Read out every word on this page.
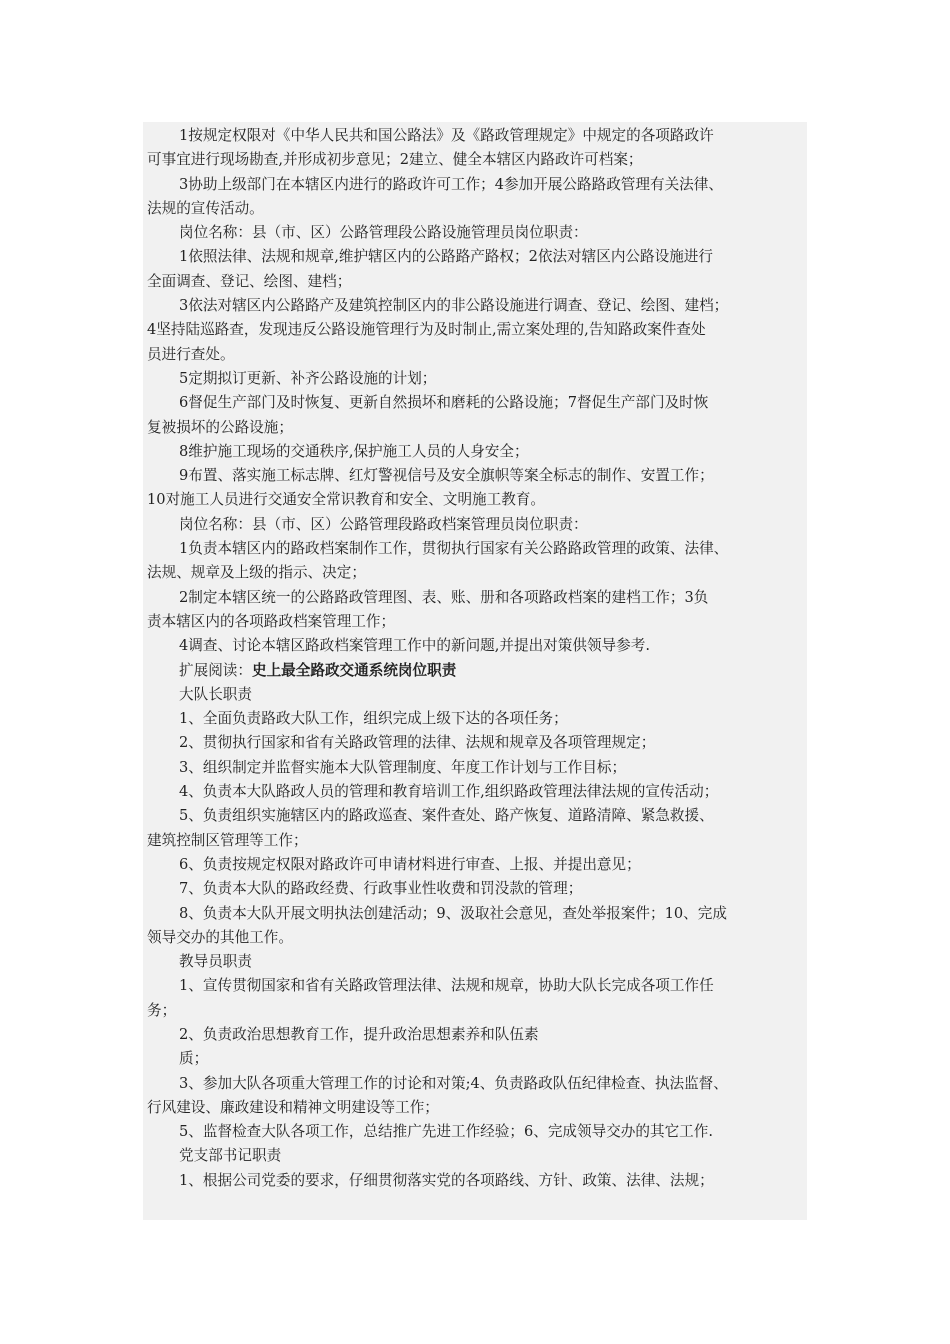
1按规定权限对《中华人民共和国公路法》及《路政管理规定》中规定的各项路政许
可事宜进行现场勘查,并形成初步意见；2建立、健全本辖区内路政许可档案；
3协助上级部门在本辖区内进行的路政许可工作；4参加开展公路路政管理有关法律、
法规的宣传活动。
岗位名称：县（市、区）公路管理段公路设施管理员岗位职责：
1依照法律、法规和规章,维护辖区内的公路路产路权；2依法对辖区内公路设施进行
全面调查、登记、绘图、建档；
3依法对辖区内公路路产及建筑控制区内的非公路设施进行调查、登记、绘图、建档；
4坚持陆巡路查，发现违反公路设施管理行为及时制止,需立案处理的,告知路政案件查处
员进行查处。
5定期拟订更新、补齐公路设施的计划；
6督促生产部门及时恢复、更新自然损坏和磨耗的公路设施；7督促生产部门及时恢
复被损坏的公路设施；
8维护施工现场的交通秩序,保护施工人员的人身安全；
9布置、落实施工标志牌、红灯警视信号及安全旗帜等案全标志的制作、安置工作；
10对施工人员进行交通安全常识教育和安全、文明施工教育。
岗位名称：县（市、区）公路管理段路政档案管理员岗位职责：
1负责本辖区内的路政档案制作工作，贯彻执行国家有关公路路政管理的政策、法律、
法规、规章及上级的指示、决定；
2制定本辖区统一的公路路政管理图、表、账、册和各项路政档案的建档工作；3负
责本辖区内的各项路政档案管理工作；
4调查、讨论本辖区路政档案管理工作中的新问题,并提出对策供领导参考.
扩展阅读：史上最全路政交通系统岗位职责
大队长职责
1、全面负责路政大队工作，组织完成上级下达的各项任务；
2、贯彻执行国家和省有关路政管理的法律、法规和规章及各项管理规定；
3、组织制定并监督实施本大队管理制度、年度工作计划与工作目标；
4、负责本大队路政人员的管理和教育培训工作,组织路政管理法律法规的宣传活动；
5、负责组织实施辖区内的路政巡查、案件查处、路产恢复、道路清障、紧急救援、
建筑控制区管理等工作；
6、负责按规定权限对路政许可申请材料进行审查、上报、并提出意见；
7、负责本大队的路政经费、行政事业性收费和罚没款的管理；
8、负责本大队开展文明执法创建活动；9、汲取社会意见，查处举报案件；10、完成
领导交办的其他工作。
教导员职责
1、宣传贯彻国家和省有关路政管理法律、法规和规章，协助大队长完成各项工作任
务；
2、负责政治思想教育工作，提升政治思想素养和队伍素
质；
3、参加大队各项重大管理工作的讨论和对策;4、负责路政队伍纪律检查、执法监督、
行风建设、廉政建设和精神文明建设等工作；
5、监督检查大队各项工作，总结推广先进工作经验；6、完成领导交办的其它工作.
党支部书记职责
1、根据公司党委的要求，仔细贯彻落实党的各项路线、方针、政策、法律、法规；
